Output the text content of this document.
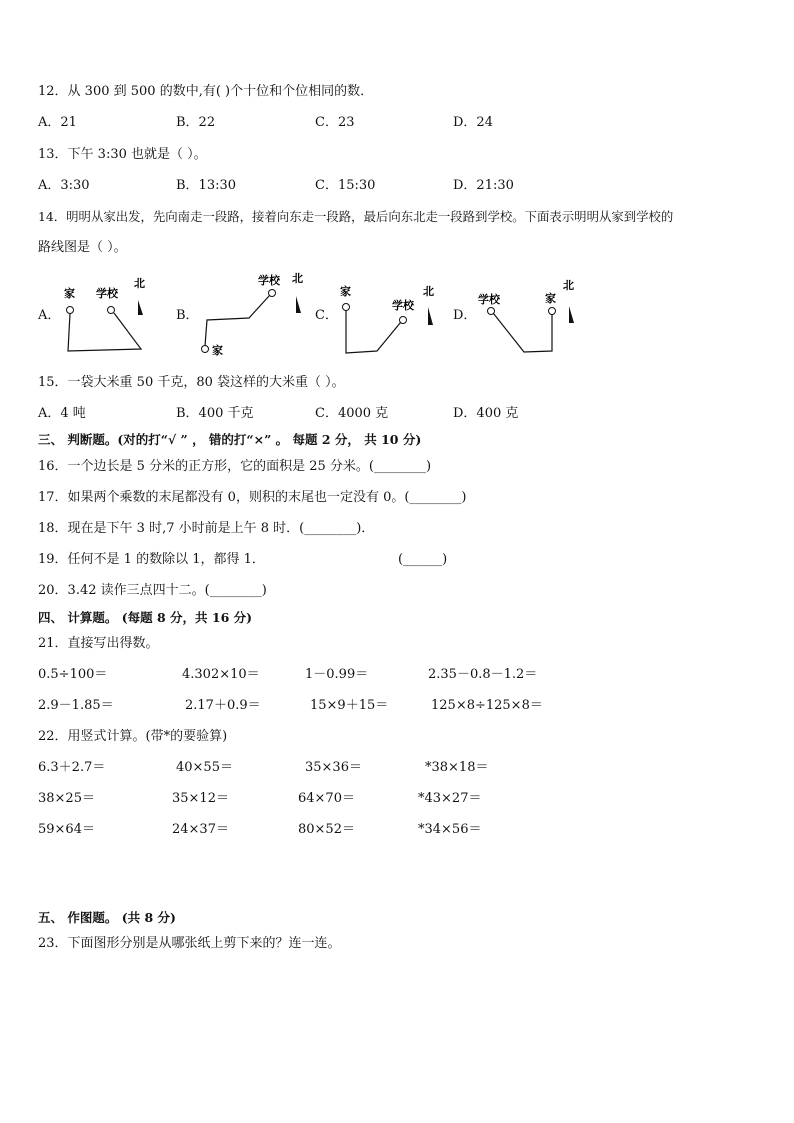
12．从 300 到 500 的数中,有( )个十位和个位相同的数．
A．21	B．22	C．23	D．24
13．下午 3:30 也就是（ ）。
A．3:30	B．13:30	C．15:30	D．21:30
14．明明从家出发，先向南走一段路，接着向东走一段路，最后向东北走一段路到学校。下面表示明明从家到学校的
路线图是（ ）。
A．	B．	C．	D．
家 学校
北	学校 北
家
家
学校
北
学校	家
北
15．一袋大米重 50 千克，80 袋这样的大米重（ ）。
A．4 吨	B．400 千克	C．4000 克	D．400 克
三、 判断题。(对的打“√ ” ， 错的打“×” 。 每题 2 分， 共 10 分)
16．一个边长是 5 分米的正方形，它的面积是 25 分米。(________)
17．如果两个乘数的末尾都没有 0，则积的末尾也一定没有 0。(________)
18．现在是下午 3 时,7 小时前是上午 8 时．(________)．
19．任何不是 1 的数除以 1，都得 1．	(______)
20．3.42 读作三点四十二。(________)
四、 计算题。 (每题 8 分，共 16 分)
21．直接写出得数。
0.5÷100＝	4.302×10＝	1－0.99＝	2.35－0.8－1.2＝
2.9－1.85＝	2.17＋0.9＝	15×9＋15＝	125×8÷125×8＝
22．用竖式计算。(带*的要验算)
6.3＋2.7＝	40×55＝	35×36＝	*38×18＝
38×25＝	35×12＝	64×70＝	*43×27＝
59×64＝	24×37＝	80×52＝	*34×56＝
五、 作图题。 (共 8 分)
23．下面图形分别是从哪张纸上剪下来的？连一连。
